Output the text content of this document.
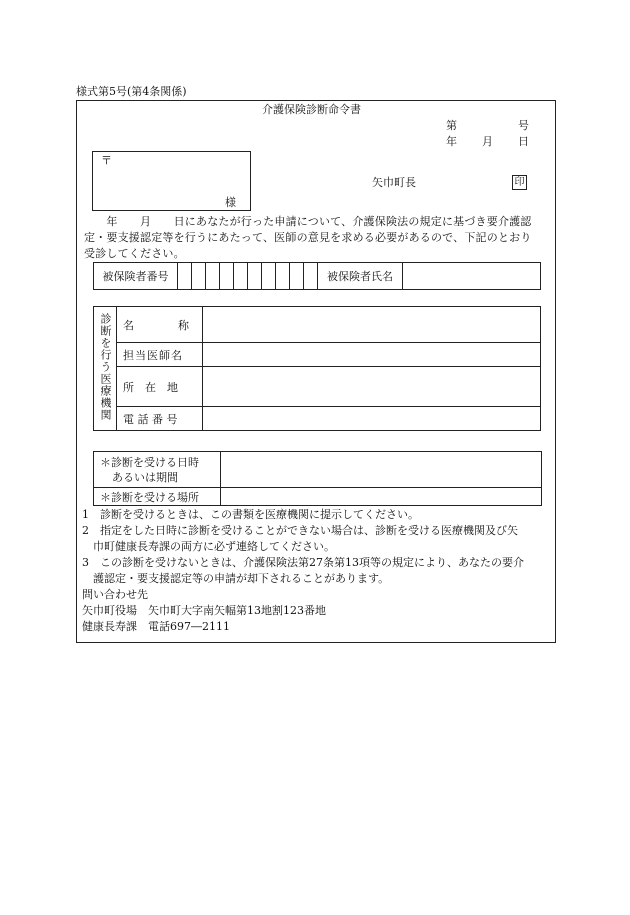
様式第5号(第4条関係)
介護保険診断命令書
第	号
年 月 日
〒
様
矢巾町長	印
　　年　　月　　日にあなたが行った申請について、介護保険法の規定に基づき要介護認
定・要支援認定等を行うにあたって、医師の意見を求める必要があるので、下記のとおり
受診してください。
被保険者番号											被保険者氏名	
診断を行う医療機関	名　　　　称	
	担当医師名	
	所　在　地	
	電 話 番 号	
＊診断を受ける日時
あるいは期間	

＊診断を受ける場所	
1　診断を受けるときは、この書類を医療機関に提示してください。
2　指定をした日時に診断を受けることができない場合は、診断を受ける医療機関及び矢
　巾町健康長寿課の両方に必ず連絡してください。
3　この診断を受けないときは、介護保険法第27条第13項等の規定により、あなたの要介
　護認定・要支援認定等の申請が却下されることがあります。
問い合わせ先
矢巾町役場　矢巾町大字南矢幅第13地割123番地
健康長寿課　電話697―2111
